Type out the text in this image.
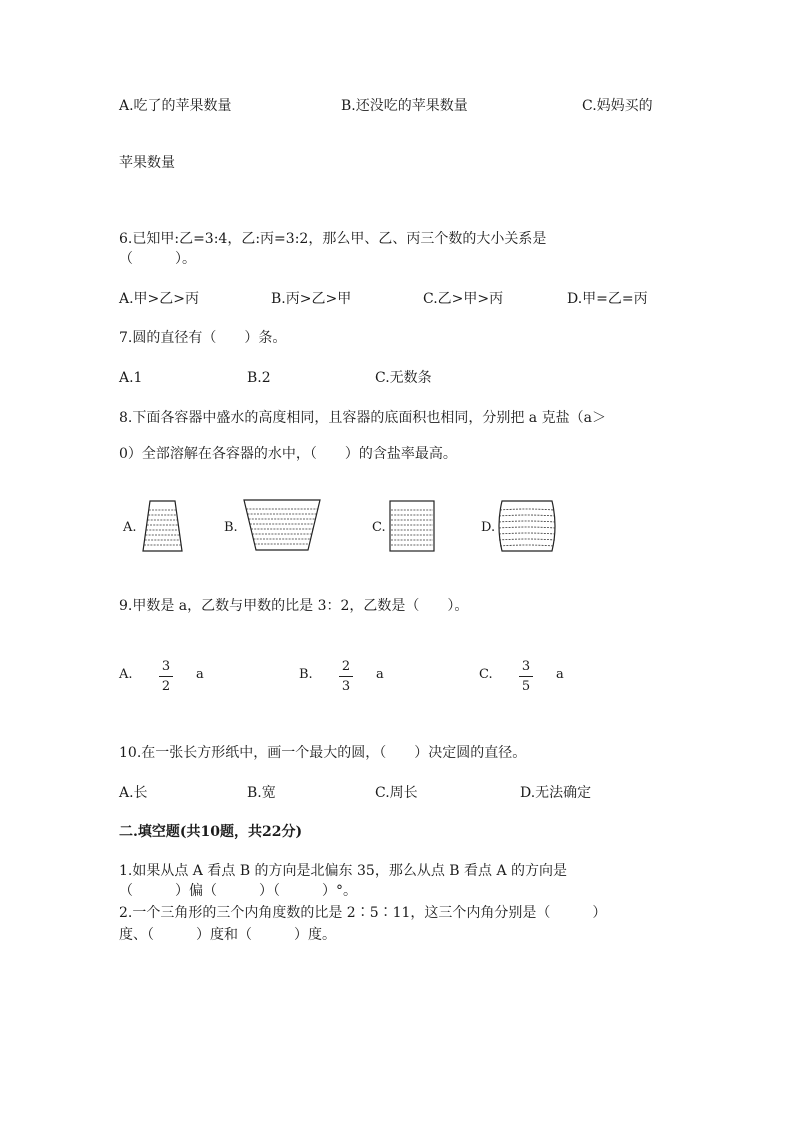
A.吃了的苹果数量	B.还没吃的苹果数量	C.妈妈买的
苹果数量
6.已知甲:乙=3:4，乙:丙=3:2，那么甲、乙、丙三个数的大小关系是
（　　　）。
A.甲>乙>丙	B.丙>乙>甲	C.乙>甲>丙	D.甲=乙=丙
7.圆的直径有（　　）条。
A.1	B.2	C.无数条
8.下面各容器中盛水的高度相同，且容器的底面积也相同，分别把 a 克盐（a＞
0）全部溶解在各容器的水中，（　　）的含盐率最高。
A.	B.	C.	D.
9.甲数是 a，乙数与甲数的比是 3：2，乙数是（　　）。
A.
3
2
a	B.
2
3
a	C.
3
5
a
10.在一张长方形纸中，画一个最大的圆，（　　）决定圆的直径。
A.长	B.宽	C.周长	D.无法确定
二.填空题(共10题，共22分)
1.如果从点 A 看点 B 的方向是北偏东 35，那么从点 B 看点 A 的方向是
（　　　）偏（　　　）（　　　）°。
2.一个三角形的三个内角度数的比是 2∶5∶11，这三个内角分别是（　　　）
度、（　　　）度和（　　　）度。
